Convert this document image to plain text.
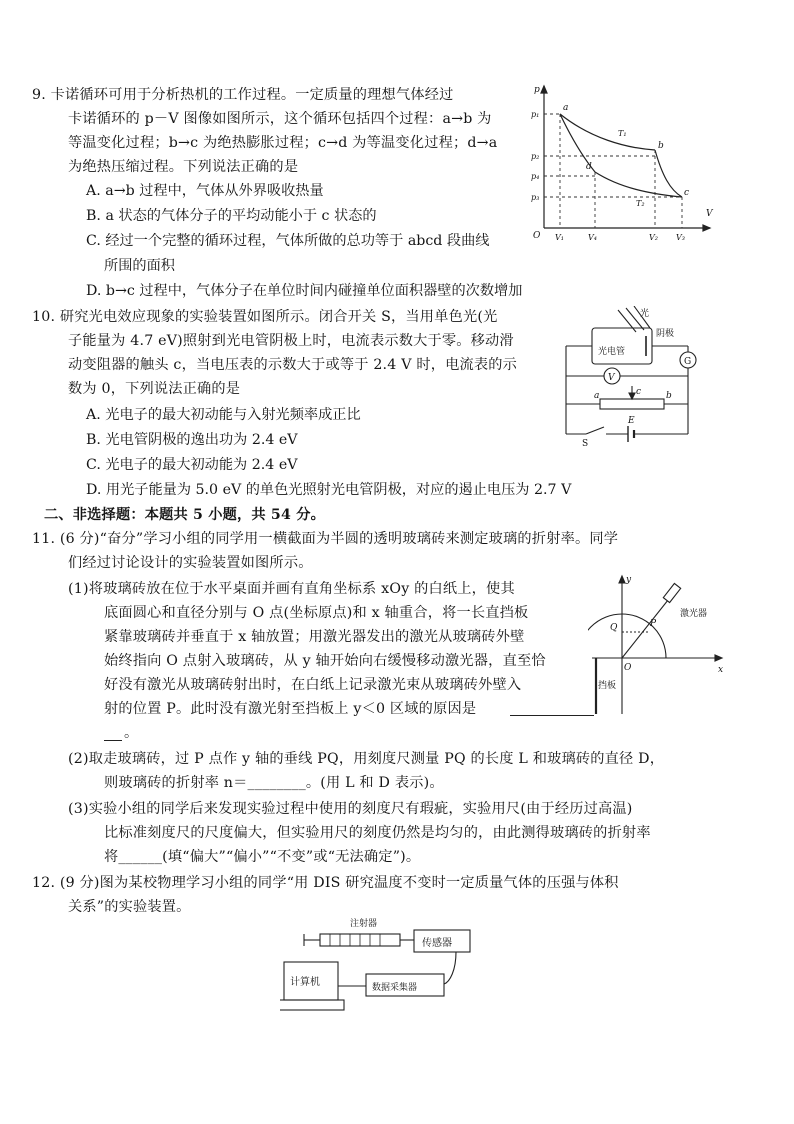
9. 卡诺循环可用于分析热机的工作过程。一定质量的理想气体经过
卡诺循环的 p－V 图像如图所示，这个循环包括四个过程：a→b 为
等温变化过程；b→c 为绝热膨胀过程；c→d 为等温变化过程；d→a
为绝热压缩过程。下列说法正确的是
A. a→b 过程中，气体从外界吸收热量
B. a 状态的气体分子的平均动能小于 c 状态的
C. 经过一个完整的循环过程，气体所做的总功等于 abcd 段曲线
所围的面积
D. b→c 过程中，气体分子在单位时间内碰撞单位面积器壁的次数增加
p
V
O
p₁
p₂
p₄
p₃
V₁	V₄	V₂ V₃
a
b
c
d
T₁
T₂
10. 研究光电效应现象的实验装置如图所示。闭合开关 S，当用单色光(光
子能量为 4.7 eV)照射到光电管阴极上时，电流表示数大于零。移动滑
动变阻器的触头 c，当电压表的示数大于或等于 2.4 V 时，电流表的示
数为 0，下列说法正确的是
A. 光电子的最大初动能与入射光频率成正比
B. 光电管阴极的逸出功为 2.4 eV
C. 光电子的最大初动能为 2.4 eV
D. 用光子能量为 5.0 eV 的单色光照射光电管阴极，对应的遏止电压为 2.7 V
光
阴极
光电管
G
V
a	b
c
E
S
二、非选择题：本题共 5 小题，共 54 分。
11. (6 分)“奋分”学习小组的同学用一横截面为半圆的透明玻璃砖来测定玻璃的折射率。同学
们经过讨论设计的实验装置如图所示。
(1)将玻璃砖放在位于水平桌面并画有直角坐标系 xOy 的白纸上，使其
底面圆心和直径分别与 O 点(坐标原点)和 x 轴重合，将一长直挡板
紧靠玻璃砖并垂直于 x 轴放置；用激光器发出的激光从玻璃砖外壁
始终指向 O 点射入玻璃砖，从 y 轴开始向右缓慢移动激光器，直至恰
好没有激光从玻璃砖射出时，在白纸上记录激光束从玻璃砖外壁入
射的位置 P。此时没有激光射至挡板上 y＜0 区域的原因是
。
(2)取走玻璃砖，过 P 点作 y 轴的垂线 PQ，用刻度尺测量 PQ 的长度 L 和玻璃砖的直径 D，
则玻璃砖的折射率 n＝________。(用 L 和 D 表示)。
(3)实验小组的同学后来发现实验过程中使用的刻度尺有瑕疵，实验用尺(由于经历过高温)
比标准刻度尺的尺度偏大，但实验用尺的刻度仍然是均匀的，由此测得玻璃砖的折射率
将______(填“偏大”“偏小”“不变”或“无法确定”)。
y
x
O
P
Q
激光器
挡板
12. (9 分)图为某校物理学习小组的同学“用 DIS 研究温度不变时一定质量气体的压强与体积
关系”的实验装置。
注射器
传感器
计算机	数据采集器
